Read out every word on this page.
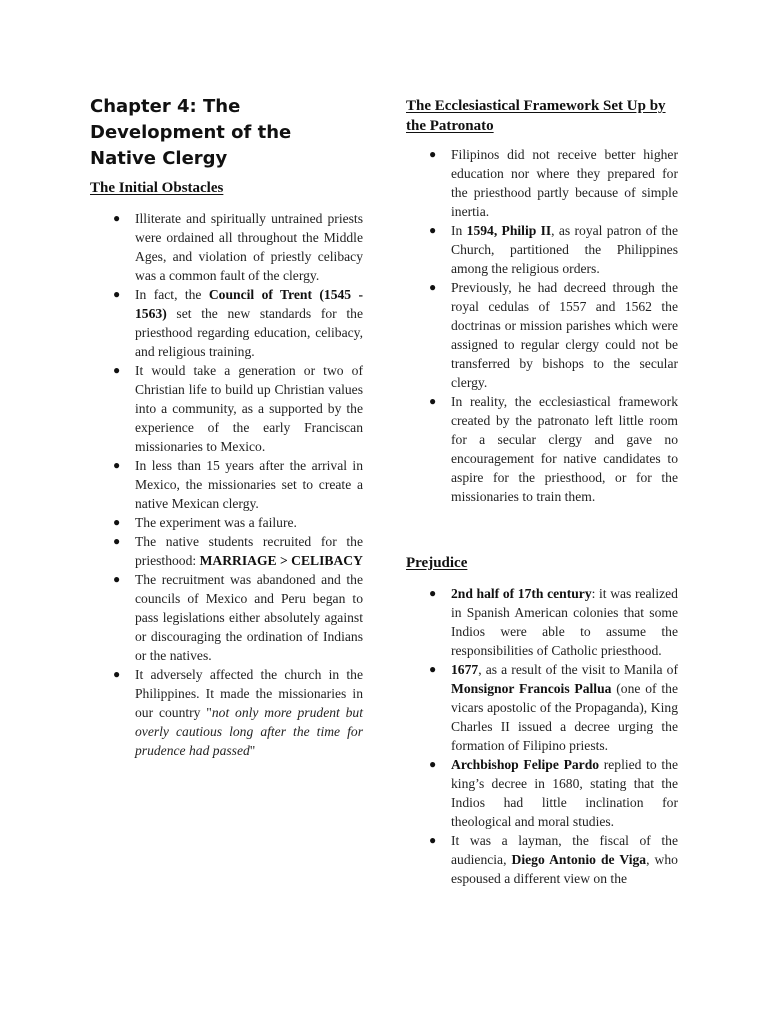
Chapter 4: The Development of the Native Clergy
The Initial Obstacles
● Illiterate and spiritually untrained priests were ordained all throughout the Middle Ages, and violation of priestly celibacy was a common fault of the clergy.
● In fact, the Council of Trent (1545 - 1563) set the new standards for the priesthood regarding education, celibacy, and religious training.
● It would take a generation or two of Christian life to build up Christian values into a community, as a supported by the experience of the early Franciscan missionaries to Mexico.
● In less than 15 years after the arrival in Mexico, the missionaries set to create a native Mexican clergy.
● The experiment was a failure.
● The native students recruited for the priesthood: MARRIAGE > CELIBACY
● The recruitment was abandoned and the councils of Mexico and Peru began to pass legislations either absolutely against or discouraging the ordination of Indians or the natives.
● It adversely affected the church in the Philippines. It made the missionaries in our country "not only more prudent but overly cautious long after the time for prudence had passed"
The Ecclesiastical Framework Set Up by the Patronato
● Filipinos did not receive better higher education nor where they prepared for the priesthood partly because of simple inertia.
● In 1594, Philip II, as royal patron of the Church, partitioned the Philippines among the religious orders.
● Previously, he had decreed through the royal cedulas of 1557 and 1562 the doctrinas or mission parishes which were assigned to regular clergy could not be transferred by bishops to the secular clergy.
● In reality, the ecclesiastical framework created by the patronato left little room for a secular clergy and gave no encouragement for native candidates to aspire for the priesthood, or for the missionaries to train them.
Prejudice
● 2nd half of 17th century: it was realized in Spanish American colonies that some Indios were able to assume the responsibilities of Catholic priesthood.
● 1677, as a result of the visit to Manila of Monsignor Francois Pallua (one of the vicars apostolic of the Propaganda), King Charles II issued a decree urging the formation of Filipino priests.
● Archbishop Felipe Pardo replied to the king’s decree in 1680, stating that the Indios had little inclination for theological and moral studies.
● It was a layman, the fiscal of the audiencia, Diego Antonio de Viga, who espoused a different view on the
